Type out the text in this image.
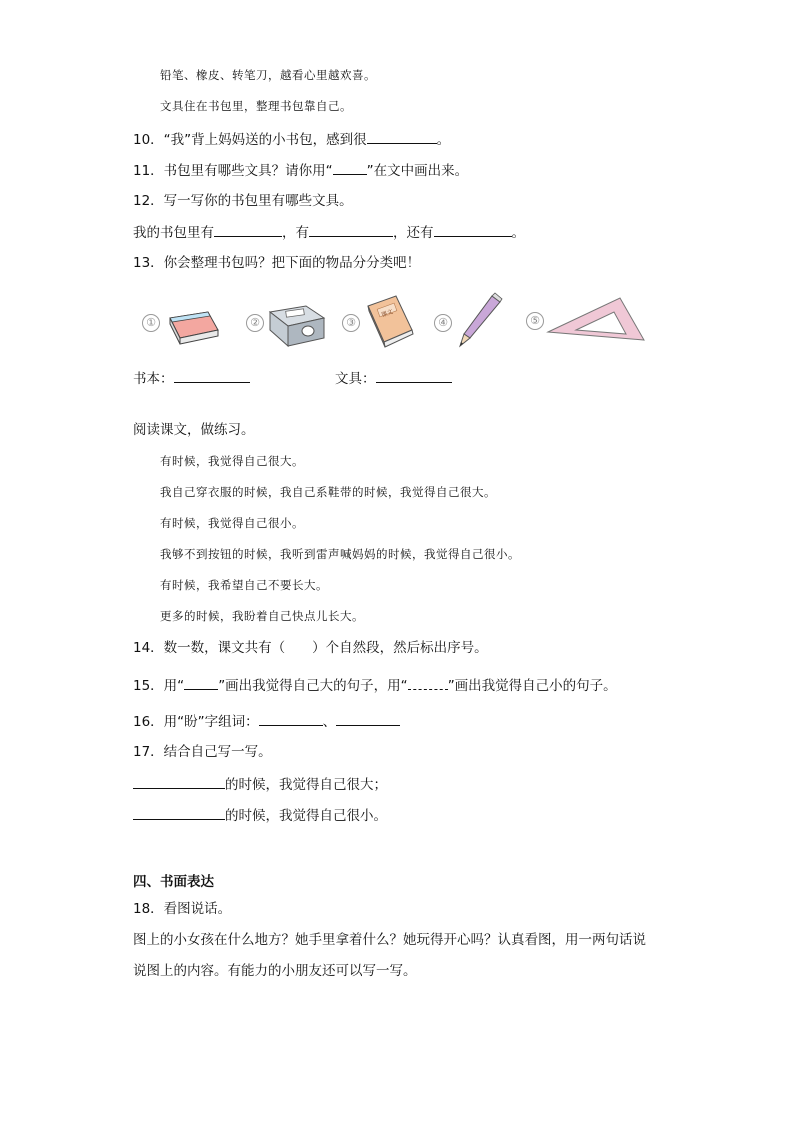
铅笔、橡皮、转笔刀，越看心里越欢喜。
文具住在书包里，整理书包靠自己。
10．“我”背上妈妈送的小书包，感到很	。
11．书包里有哪些文具？请你用“	”在文中画出来。
12．写一写你的书包里有哪些文具。
我的书包里有	，有	，还有	。
13．你会整理书包吗？把下面的物品分分类吧！
①	②	③
课文
④	⑤
书本：	文具：
阅读课文，做练习。
有时候，我觉得自己很大。
我自己穿衣服的时候，我自己系鞋带的时候，我觉得自己很大。
有时候，我觉得自己很小。
我够不到按钮的时候，我听到雷声喊妈妈的时候，我觉得自己很小。
有时候，我希望自己不要长大。
更多的时候，我盼着自己快点儿长大。
14．数一数，课文共有（　　）个自然段，然后标出序号。
15．用“	”画出我觉得自己大的句子，用“	”画出我觉得自己小的句子。
16．用“盼”字组词：	、
17．结合自己写一写。
的时候，我觉得自己很大；
的时候，我觉得自己很小。
四、书面表达
18．看图说话。
图上的小女孩在什么地方？她手里拿着什么？她玩得开心吗？认真看图，用一两句话说
说图上的内容。有能力的小朋友还可以写一写。
